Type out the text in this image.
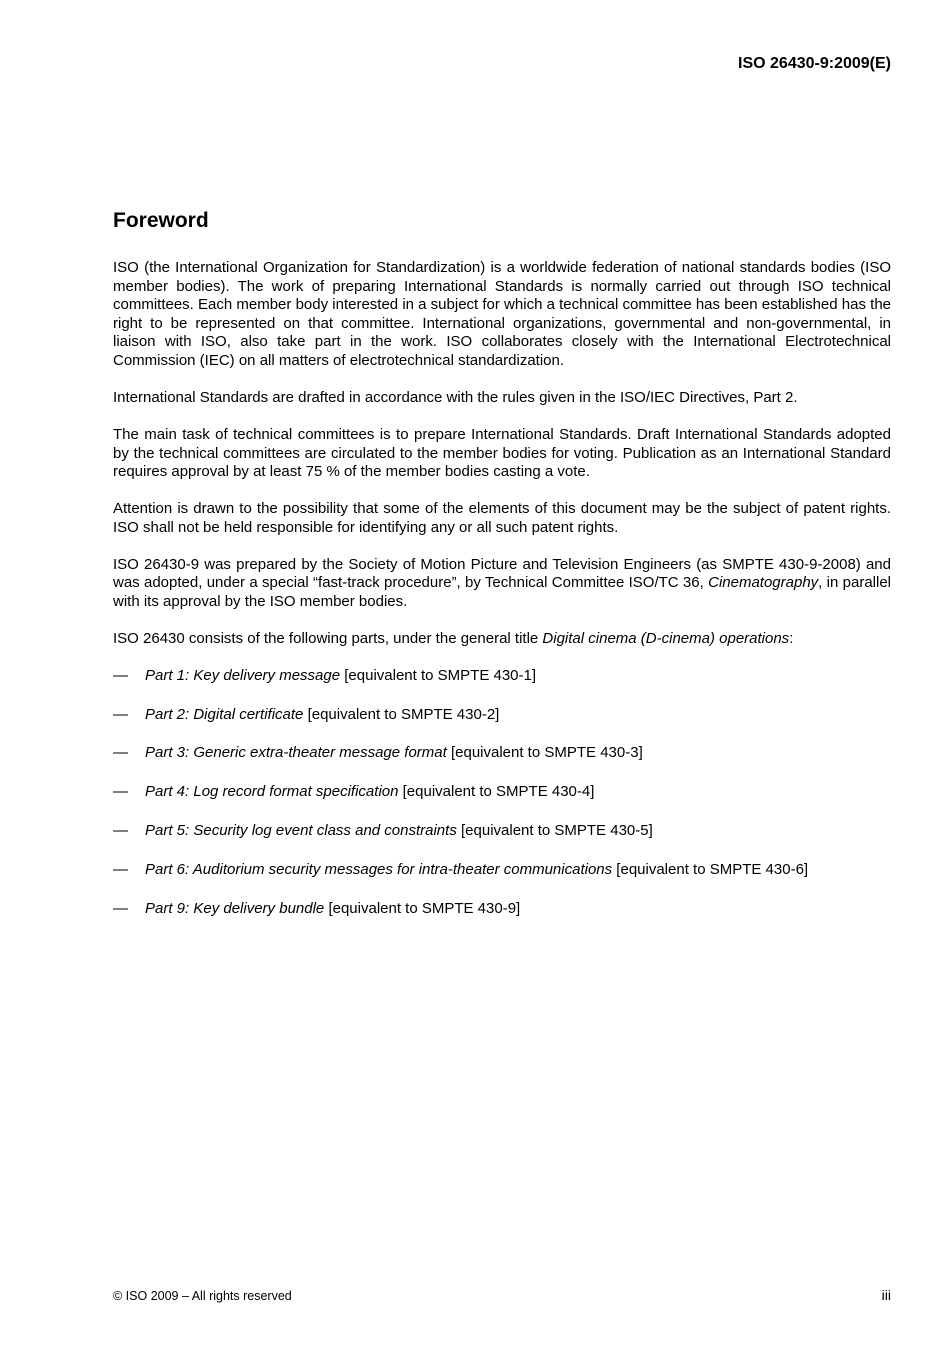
ISO 26430-9:2009(E)
Foreword

ISO (the International Organization for Standardization) is a worldwide federation of national standards bodies (ISO member bodies). The work of preparing International Standards is normally carried out through ISO technical committees. Each member body interested in a subject for which a technical committee has been established has the right to be represented on that committee. International organizations, governmental and non-governmental, in liaison with ISO, also take part in the work. ISO collaborates closely with the International Electrotechnical Commission (IEC) on all matters of electrotechnical standardization.

International Standards are drafted in accordance with the rules given in the ISO/IEC Directives, Part 2.

The main task of technical committees is to prepare International Standards. Draft International Standards adopted by the technical committees are circulated to the member bodies for voting. Publication as an International Standard requires approval by at least 75 % of the member bodies casting a vote.

Attention is drawn to the possibility that some of the elements of this document may be the subject of patent rights. ISO shall not be held responsible for identifying any or all such patent rights.

ISO 26430-9 was prepared by the Society of Motion Picture and Television Engineers (as SMPTE 430-9-2008) and was adopted, under a special “fast-track procedure”, by Technical Committee ISO/TC 36, Cinematography, in parallel with its approval by the ISO member bodies.

ISO 26430 consists of the following parts, under the general title Digital cinema (D-cinema) operations:

— Part 1: Key delivery message [equivalent to SMPTE 430-1]
— Part 2: Digital certificate [equivalent to SMPTE 430-2]
— Part 3: Generic extra-theater message format [equivalent to SMPTE 430-3]
— Part 4: Log record format specification [equivalent to SMPTE 430-4]
— Part 5: Security log event class and constraints [equivalent to SMPTE 430-5]
— Part 6: Auditorium security messages for intra-theater communications [equivalent to SMPTE 430-6]
— Part 9: Key delivery bundle [equivalent to SMPTE 430-9]
© ISO 2009 – All rights reserved	iii
